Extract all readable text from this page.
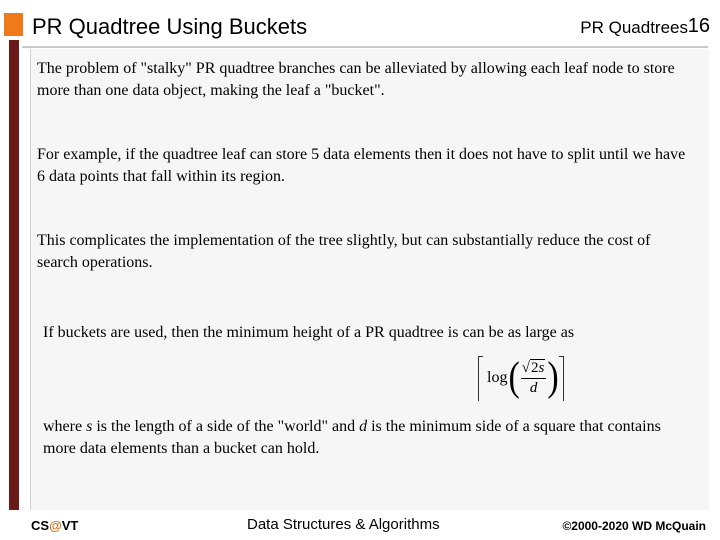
PR Quadtree Using Buckets	PR Quadtrees 16
The problem of "stalky" PR quadtree branches can be alleviated by allowing each leaf node to store more than one data object, making the leaf a "bucket".
For example, if the quadtree leaf can store 5 data elements then it does not have to split until we have 6 data points that fall within its region.
This complicates the implementation of the tree slightly, but can substantially reduce the cost of search operations.
If buckets are used, then the minimum height of a PR quadtree is can be as large as
log ( $\frac{√ 2s}{d}$ )
where s is the length of a side of the "world" and d is the minimum side of a square that contains more data elements than a bucket can hold.
CS@VT	Data Structures & Algorithms	©2000-2020 WD McQuain
